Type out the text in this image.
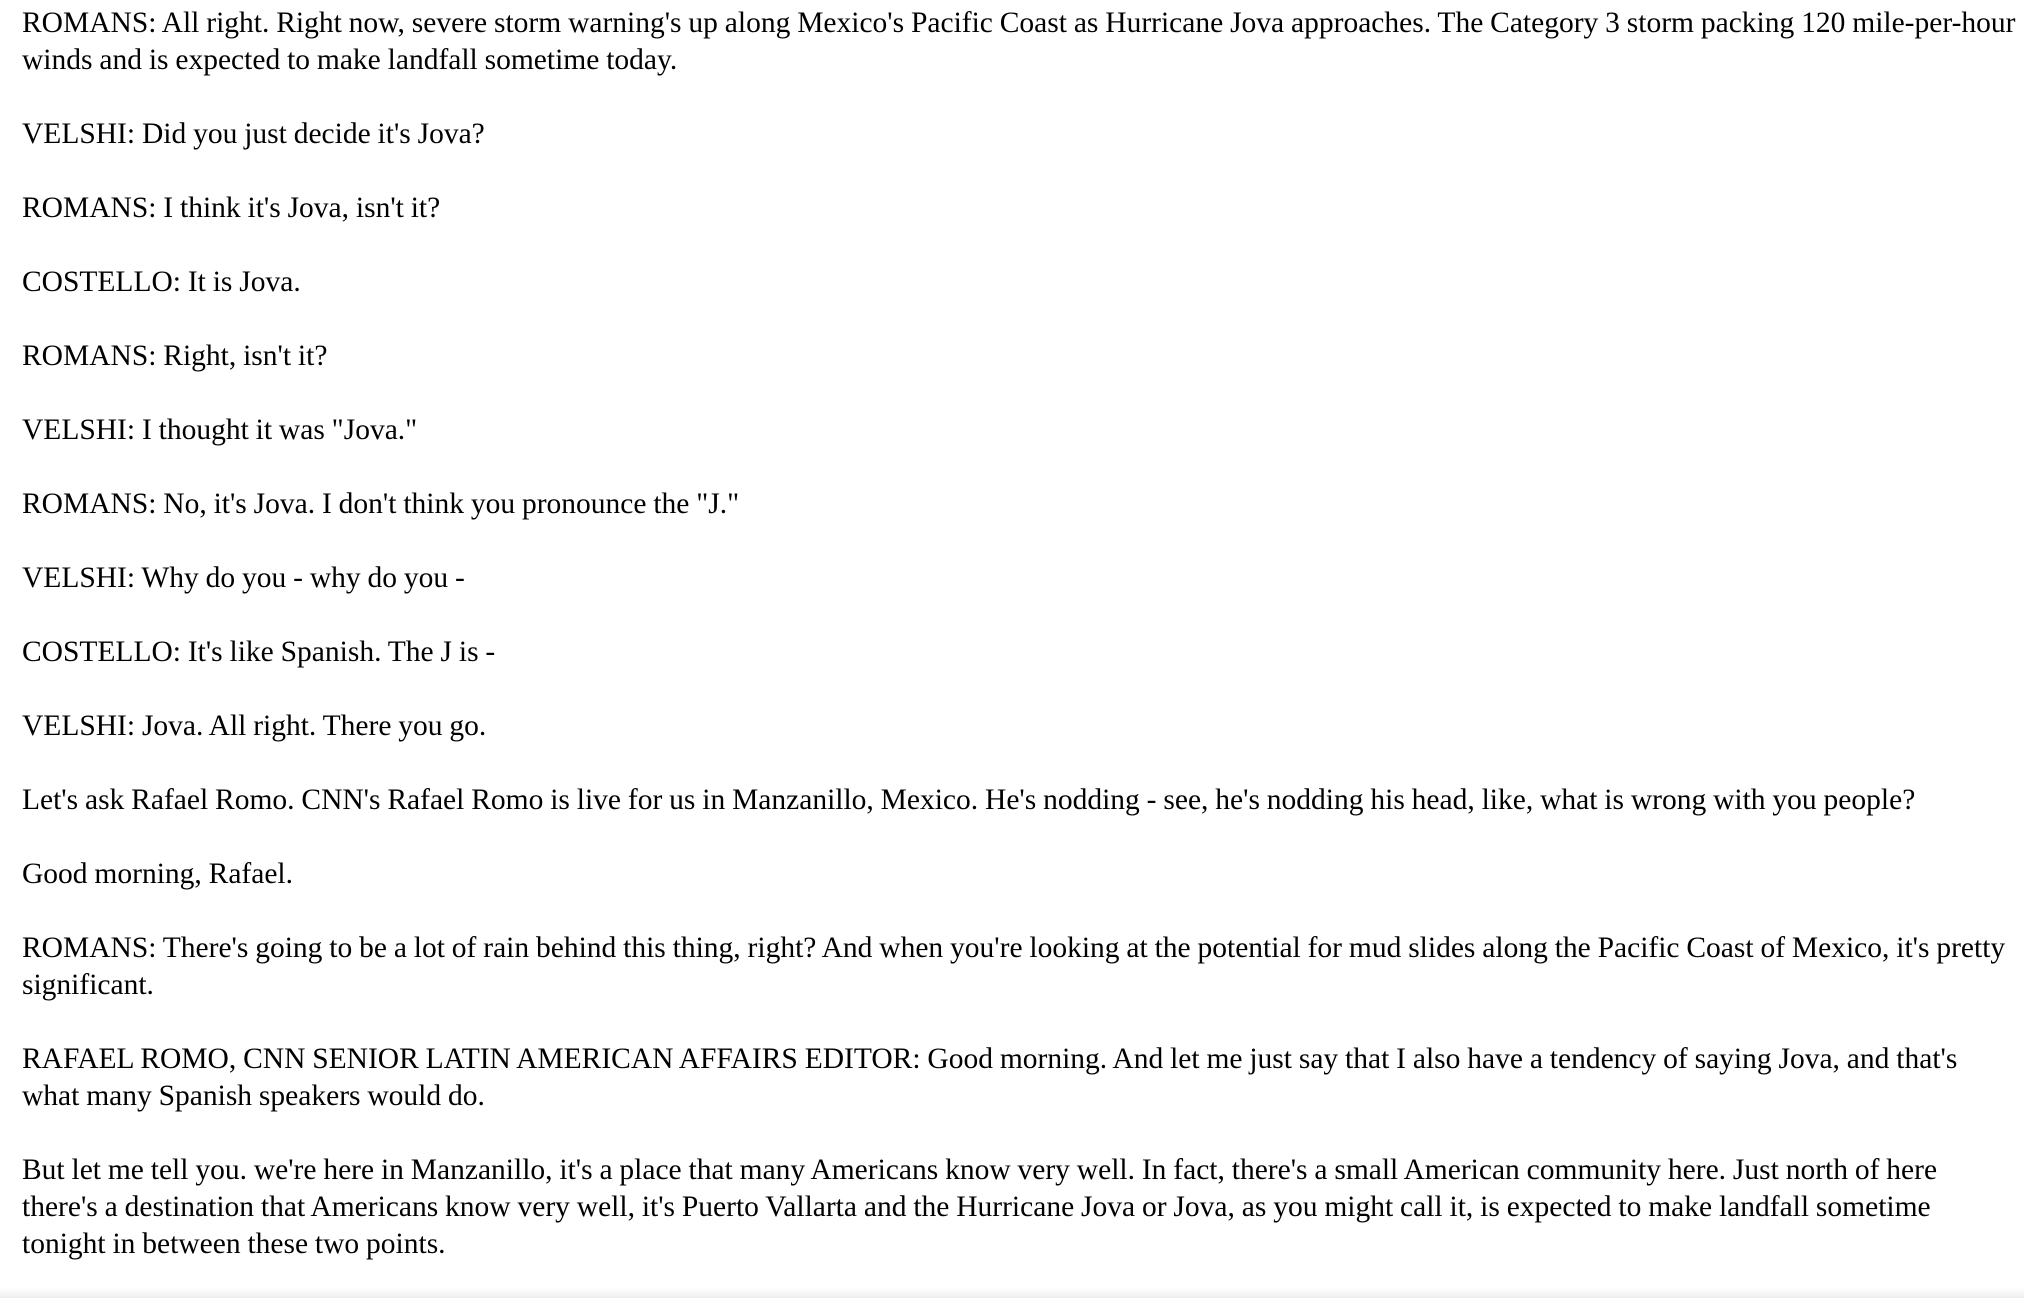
ROMANS: All right. Right now, severe storm warning's up along Mexico's Pacific Coast as Hurricane Jova approaches. The Category 3 storm packing 120 mile-per-hour winds and is expected to make landfall sometime today.

VELSHI: Did you just decide it's Jova?

ROMANS: I think it's Jova, isn't it?

COSTELLO: It is Jova.

ROMANS: Right, isn't it?

VELSHI: I thought it was "Jova."

ROMANS: No, it's Jova. I don't think you pronounce the "J."

VELSHI: Why do you - why do you -

COSTELLO: It's like Spanish. The J is -

VELSHI: Jova. All right. There you go.

Let's ask Rafael Romo. CNN's Rafael Romo is live for us in Manzanillo, Mexico. He's nodding - see, he's nodding his head, like, what is wrong with you people?

Good morning, Rafael.

ROMANS: There's going to be a lot of rain behind this thing, right? And when you're looking at the potential for mud slides along the Pacific Coast of Mexico, it's pretty significant.

RAFAEL ROMO, CNN SENIOR LATIN AMERICAN AFFAIRS EDITOR: Good morning. And let me just say that I also have a tendency of saying Jova, and that's what many Spanish speakers would do.

But let me tell you. we're here in Manzanillo, it's a place that many Americans know very well. In fact, there's a small American community here. Just north of here there's a destination that Americans know very well, it's Puerto Vallarta and the Hurricane Jova or Jova, as you might call it, is expected to make landfall sometime tonight in between these two points.
